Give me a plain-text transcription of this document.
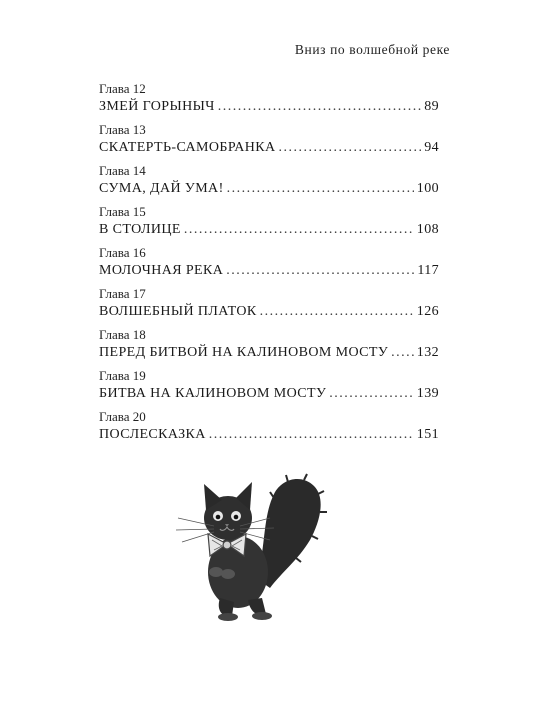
Вниз по волшебной реке
Глава 12
ЗМЕЙ ГОРЫНЫЧ . . .	89
Глава 13
СКАТЕРТЬ-САМОБРАНКА . . .	94
Глава 14
СУМА, ДАЙ УМА! . . .	100
Глава 15
В СТОЛИЦЕ . . .	108
Глава 16
МОЛОЧНАЯ РЕКА . . .	117
Глава 17
ВОЛШЕБНЫЙ ПЛАТОК . . .	126
Глава 18
ПЕРЕД БИТВОЙ НА КАЛИНОВОМ МОСТУ . . . 132
Глава 19
БИТВА НА КАЛИНОВОМ МОСТУ . . .	139
Глава 20
ПОСЛЕСКАЗКА . . .	151
